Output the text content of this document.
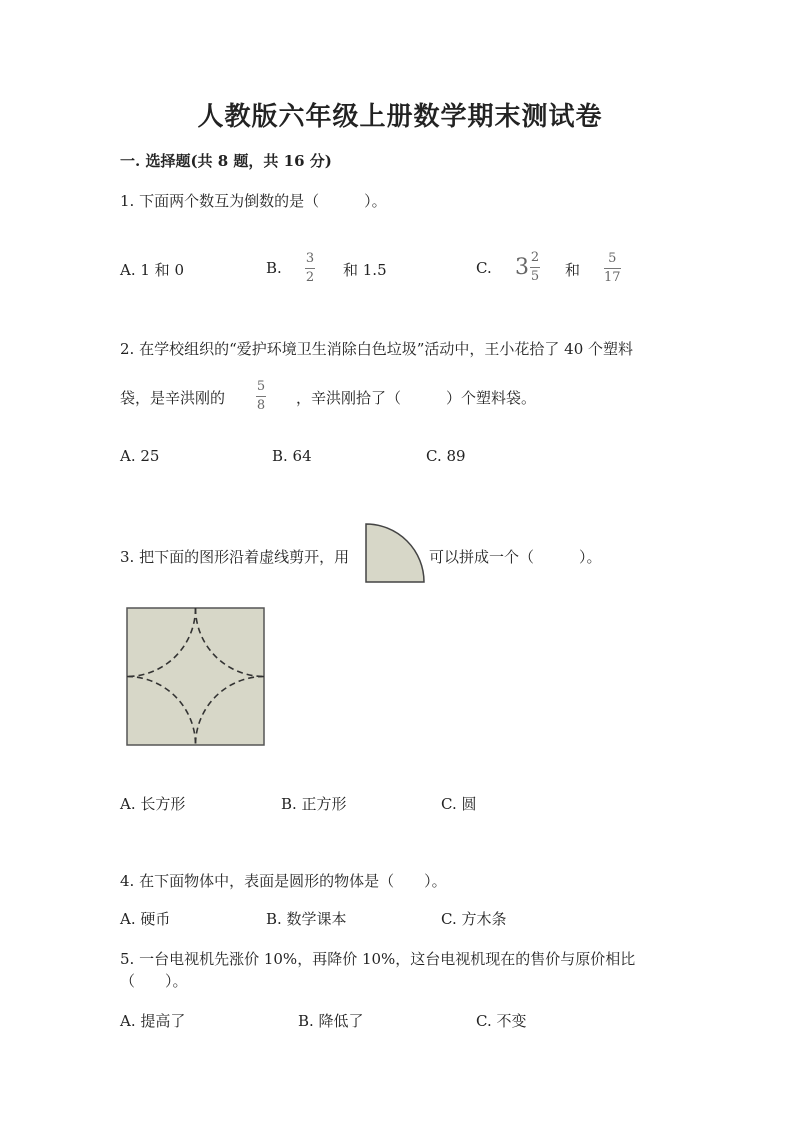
人教版六年级上册数学期末测试卷
一. 选择题(共 8 题，共 16 分)
1. 下面两个数互为倒数的是（　　　）。
A. 1 和 0	B.
3
2 和 1.5	C. $3 \frac{2}{5}$ 和
5
17
2. 在学校组织的“爱护环境卫生消除白色垃圾”活动中，王小花拾了 40 个塑料
袋，是辛洪刚的
5
8 ，辛洪刚拾了（　　　）个塑料袋。
A. 25	B. 64	C. 89
3. 把下面的图形沿着虚线剪开，用	可以拼成一个（　　　）。
A. 长方形	B. 正方形	C. 圆
4. 在下面物体中，表面是圆形的物体是（　　）。
A. 硬币	B. 数学课本	C. 方木条
5. 一台电视机先涨价 10%，再降价 10%，这台电视机现在的售价与原价相比
（　　）。
A. 提高了	B. 降低了	C. 不变
